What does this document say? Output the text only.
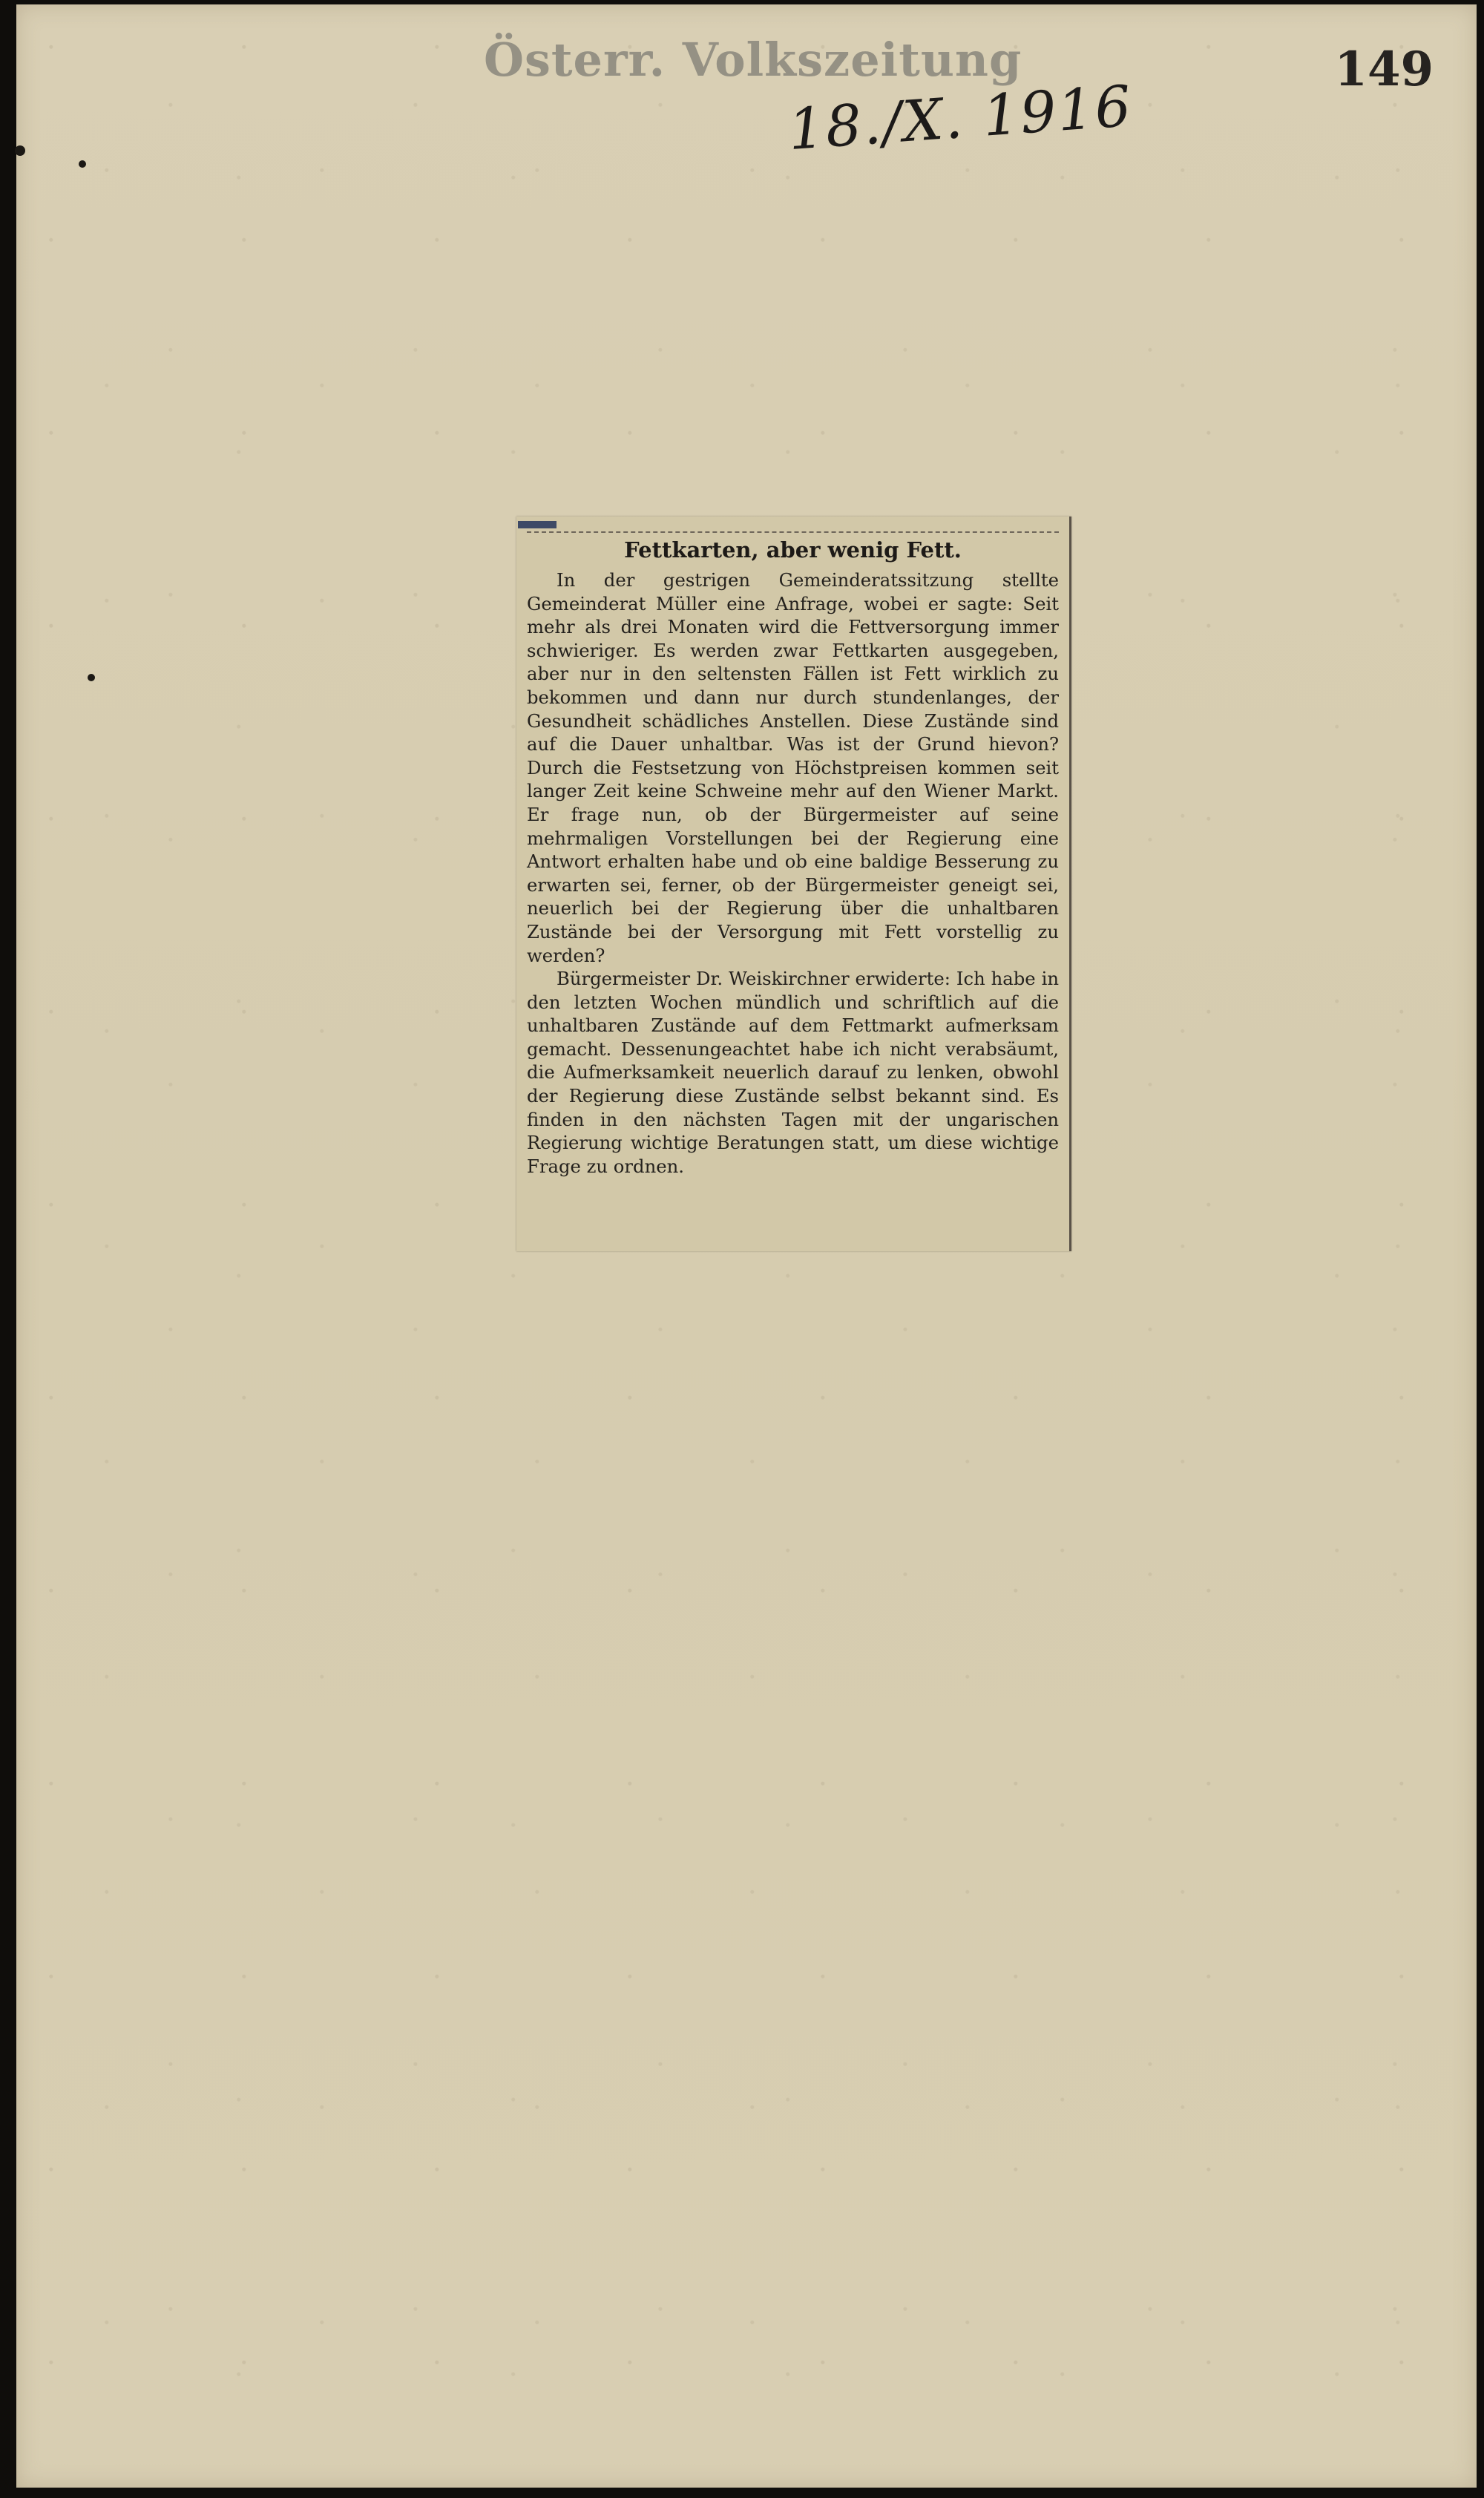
Österr. Volkszeitung	149
18./X. 1916
Fettkarten, aber wenig Fett.

In der gestrigen Gemeinderatssitzung stellte Gemeinderat Müller eine Anfrage, wobei er sagte: Seit mehr als drei Monaten wird die Fettversorgung immer schwieriger. Es werden zwar Fettkarten ausgegeben, aber nur in den seltensten Fällen ist Fett wirklich zu bekommen und dann nur durch stundenlanges, der Gesundheit schädliches Anstellen. Diese Zustände sind auf die Dauer unhaltbar. Was ist der Grund hievon? Durch die Festsetzung von Höchstpreisen kommen seit langer Zeit keine Schweine mehr auf den Wiener Markt. Er frage nun, ob der Bürgermeister auf seine mehrmaligen Vorstellungen bei der Regierung eine Antwort erhalten habe und ob eine baldige Besserung zu erwarten sei, ferner, ob der Bürgermeister geneigt sei, neuerlich bei der Regierung über die unhaltbaren Zustände bei der Versorgung mit Fett vorstellig zu werden?

Bürgermeister Dr. Weiskirchner erwiderte: Ich habe in den letzten Wochen mündlich und schriftlich auf die unhaltbaren Zustände auf dem Fettmarkt aufmerksam gemacht. Dessenungeachtet habe ich nicht verabsäumt, die Aufmerksamkeit neuerlich darauf zu lenken, obwohl der Regierung diese Zustände selbst bekannt sind. Es finden in den nächsten Tagen mit der ungarischen Regierung wichtige Beratungen statt, um diese wichtige Frage zu ordnen.
